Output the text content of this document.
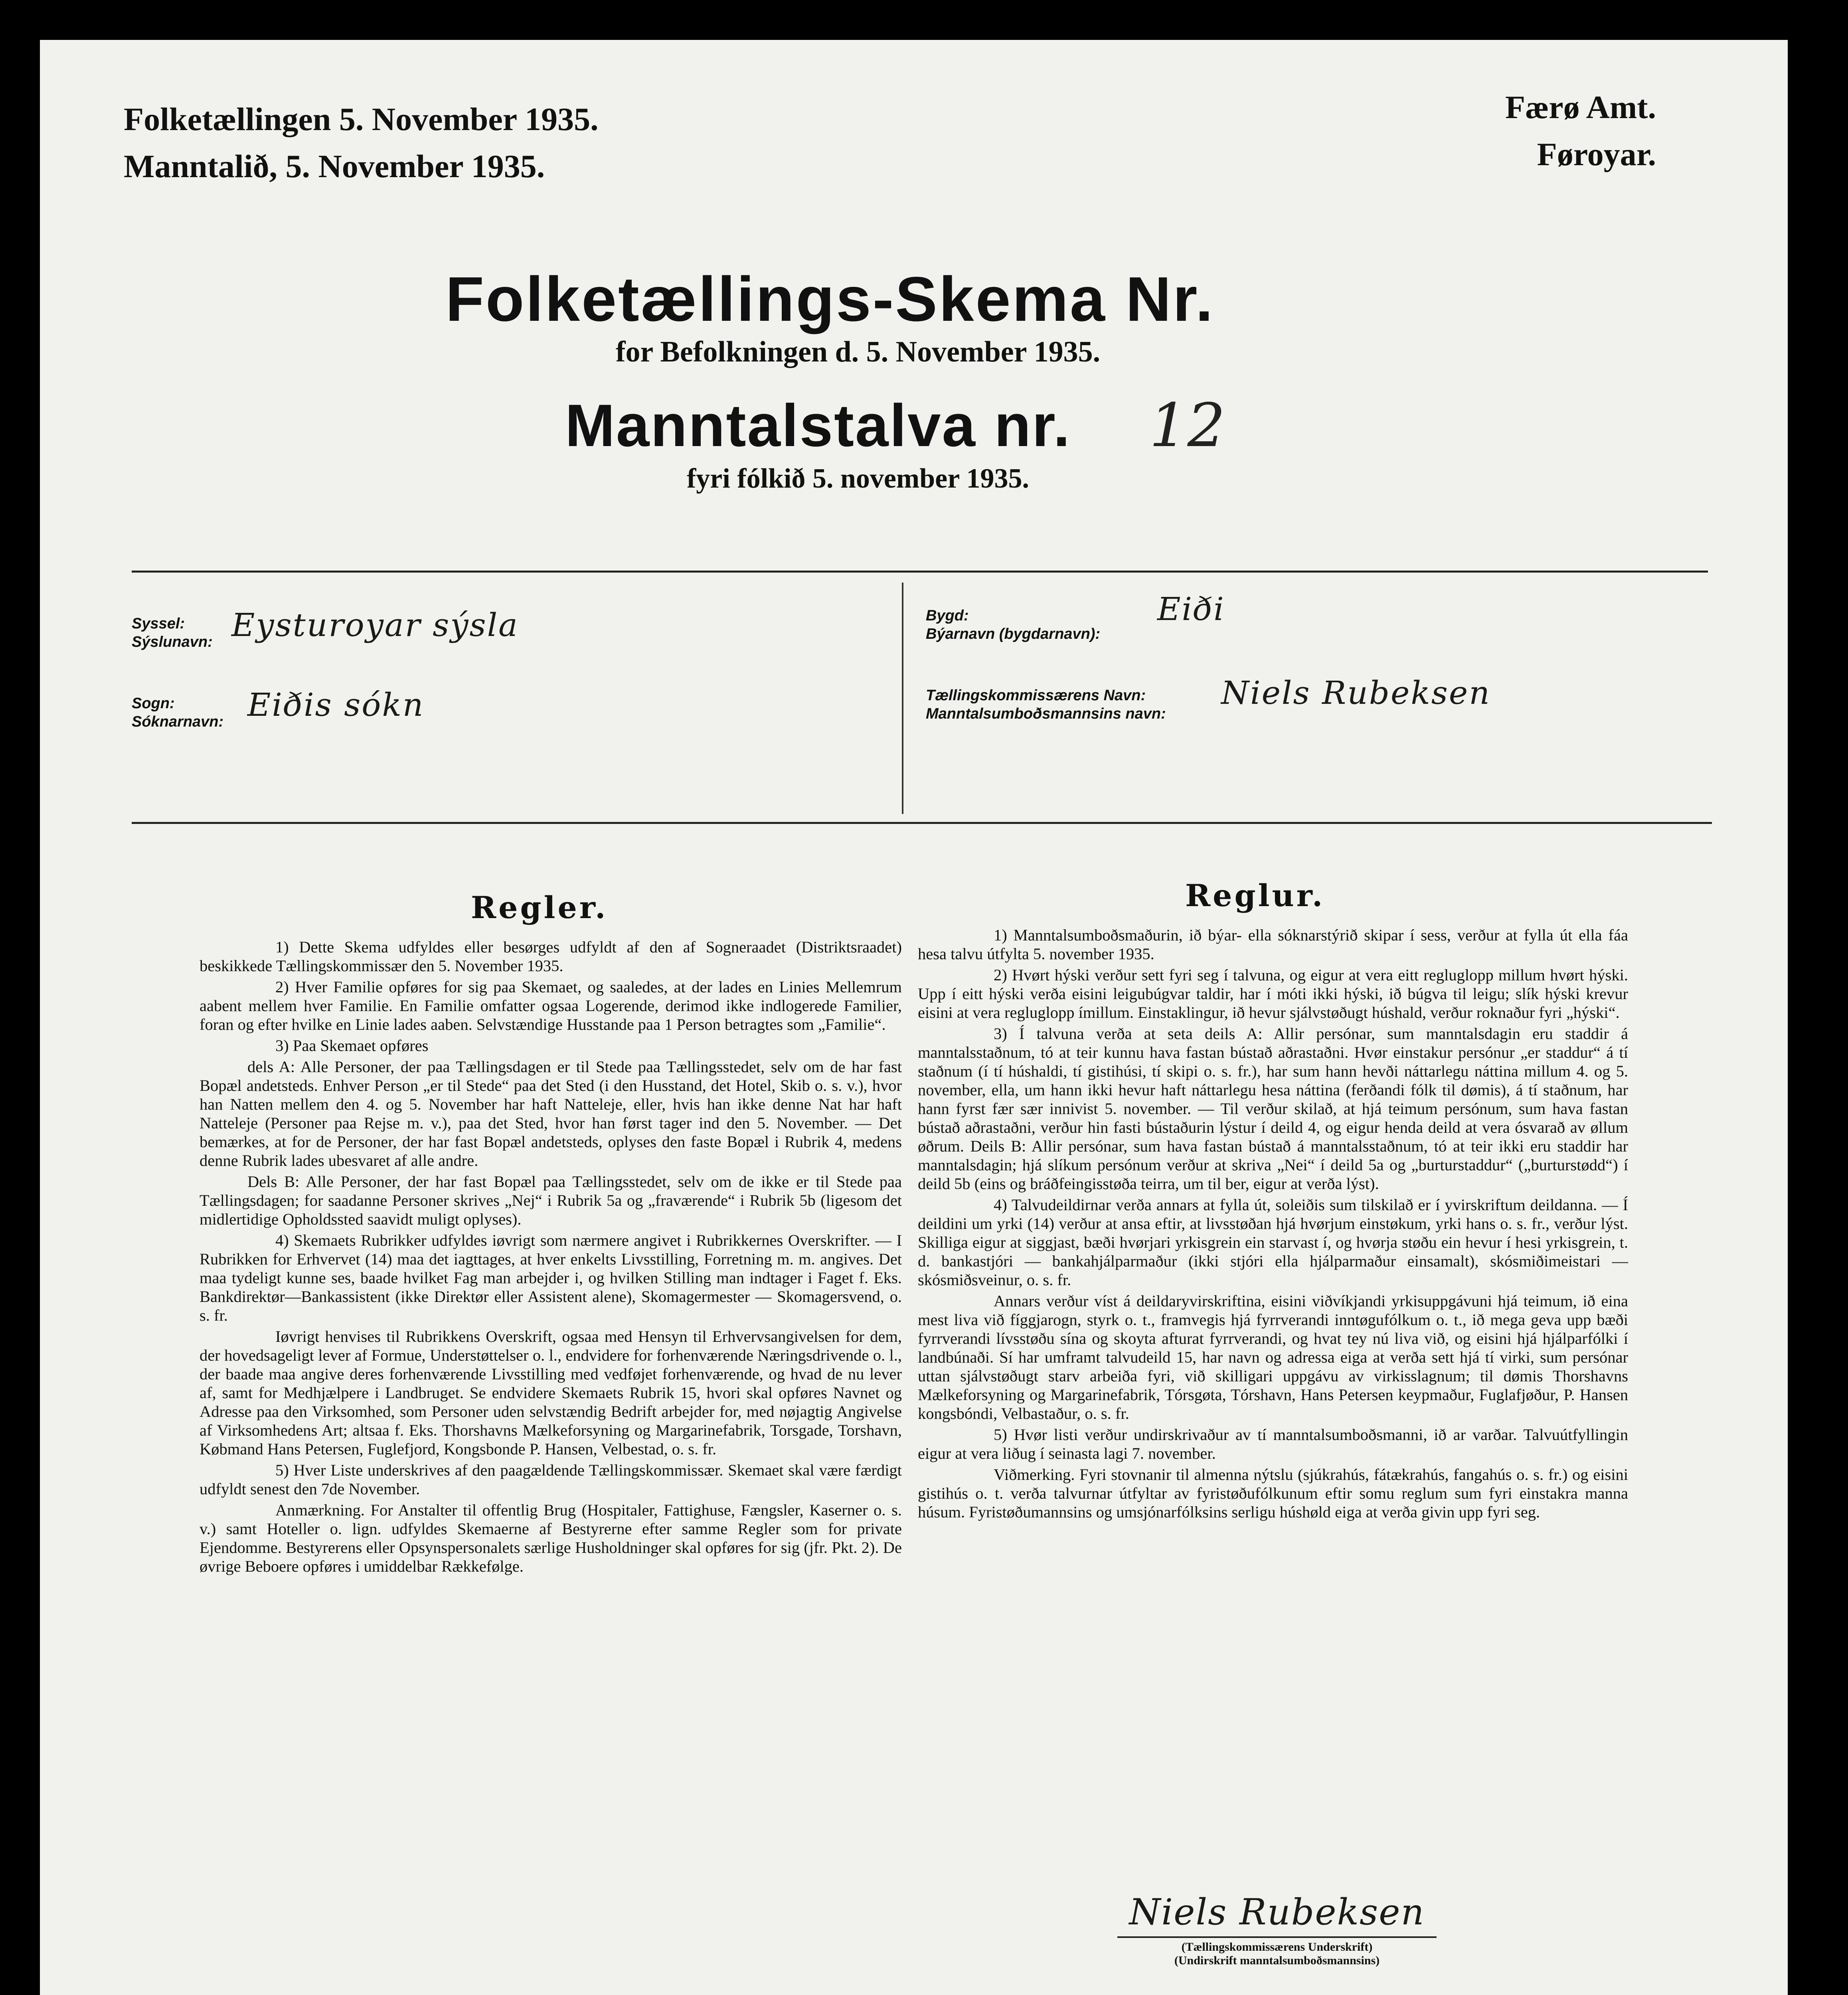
Folketællingen 5. November 1935.
Manntalið, 5. November 1935.
Færø Amt.
Føroyar.
Folketællings-Skema Nr.
for Befolkningen d. 5. November 1935.
Manntalstalva nr.	12
fyri fólkið 5. november 1935.
Syssel:
Sýslunavn: Eysturoyar sýsla
Sogn:
Sóknarnavn: Eiðis sókn
Bygd:
Býarnavn (bygdarnavn):
Eiði
Tællingskommissærens Navn:
Manntalsumboðsmannsins navn:
Niels Rubeksen
Regler.	Reglur.

1) Dette Skema udfyldes eller besørges udfyldt af den af Sogneraadet (Distriktsraadet) beskikkede Tællingskommissær den 5. November 1935.

2) Hver Familie opføres for sig paa Skemaet, og saaledes, at der lades en Linies Mellemrum aabent mellem hver Familie. En Familie omfatter ogsaa Logerende, derimod ikke indlogerede Familier, foran og efter hvilke en Linie lades aaben. Selvstændige Husstande paa 1 Person betragtes som „Familie“.

3) Paa Skemaet opføres

dels A: Alle Personer, der paa Tællingsdagen er til Stede paa Tællingsstedet, selv om de har fast Bopæl andetsteds. Enhver Person „er til Stede“ paa det Sted (i den Husstand, det Hotel, Skib o. s. v.), hvor han Natten mellem den 4. og 5. November har haft Natteleje, eller, hvis han ikke denne Nat har haft Natteleje (Personer paa Rejse m. v.), paa det Sted, hvor han først tager ind den 5. November. — Det bemærkes, at for de Personer, der har fast Bopæl andetsteds, oplyses den faste Bopæl i Rubrik 4, medens denne Rubrik lades ubesvaret af alle andre.

Dels B: Alle Personer, der har fast Bopæl paa Tællingsstedet, selv om de ikke er til Stede paa Tællingsdagen; for saadanne Personer skrives „Nej“ i Rubrik 5a og „fraværende“ i Rubrik 5b (ligesom det midlertidige Opholdssted saavidt muligt oplyses).

4) Skemaets Rubrikker udfyldes iøvrigt som nærmere angivet i Rubrikkernes Overskrifter. — I Rubrikken for Erhvervet (14) maa det iagttages, at hver enkelts Livsstilling, Forretning m. m. angives. Det maa tydeligt kunne ses, baade hvilket Fag man arbejder i, og hvilken Stilling man indtager i Faget f. Eks. Bankdirektør—Bankassistent (ikke Direktør eller Assistent alene), Skomagermester — Skomagersvend, o. s. fr.

Iøvrigt henvises til Rubrikkens Overskrift, ogsaa med Hensyn til Erhvervsangivelsen for dem, der hovedsageligt lever af Formue, Understøttelser o. l., endvidere for forhenværende Næringsdrivende o. l., der baade maa angive deres forhenværende Livsstilling med vedføjet forhenværende, og hvad de nu lever af, samt for Medhjælpere i Landbruget. Se endvidere Skemaets Rubrik 15, hvori skal opføres Navnet og Adresse paa den Virksomhed, som Personer uden selvstændig Bedrift arbejder for, med nøjagtig Angivelse af Virksomhedens Art; altsaa f. Eks. Thorshavns Mælkeforsyning og Margarinefabrik, Torsgade, Torshavn, Købmand Hans Petersen, Fuglefjord, Kongsbonde P. Hansen, Velbestad, o. s. fr.

5) Hver Liste underskrives af den paagældende Tællingskommissær. Skemaet skal være færdigt udfyldt senest den 7de November.

Anmærkning. For Anstalter til offentlig Brug (Hospitaler, Fattighuse, Fængsler, Kaserner o. s. v.) samt Hoteller o. lign. udfyldes Skemaerne af Bestyrerne efter samme Regler som for private Ejendomme. Bestyrerens eller Opsynspersonalets særlige Husholdninger skal opføres for sig (jfr. Pkt. 2). De øvrige Beboere opføres i umiddelbar Rækkefølge.

1) Manntalsumboðsmaðurin, ið býar- ella sóknarstýrið skipar í sess, verður at fylla út ella fáa hesa talvu útfylta 5. november 1935.

2) Hvørt hýski verður sett fyri seg í talvuna, og eigur at vera eitt regluglopp millum hvørt hýski. Upp í eitt hýski verða eisini leigubúgvar taldir, har í móti ikki hýski, ið búgva til leigu; slík hýski krevur eisini at vera regluglopp ímillum. Einstaklingur, ið hevur sjálvstøðugt húshald, verður roknaður fyri „hýski“.

3) Í talvuna verða at seta deils A: Allir persónar, sum manntalsdagin eru staddir á manntalsstaðnum, tó at teir kunnu hava fastan bústað aðrastaðni. Hvør einstakur persónur „er staddur“ á tí staðnum (í tí húshaldi, tí gistihúsi, tí skipi o. s. fr.), har sum hann hevði náttarlegu náttina millum 4. og 5. november, ella, um hann ikki hevur haft náttarlegu hesa náttina (ferðandi fólk til dømis), á tí staðnum, har hann fyrst fær sær innivist 5. november. — Til verður skilað, at hjá teimum persónum, sum hava fastan bústað aðrastaðni, verður hin fasti bústaðurin lýstur í deild 4, og eigur henda deild at vera ósvarað av øllum øðrum. Deils B: Allir persónar, sum hava fastan bústað á manntalsstaðnum, tó at teir ikki eru staddir har manntalsdagin; hjá slíkum persónum verður at skriva „Nei“ í deild 5a og „burturstaddur“ („burturstødd“) í deild 5b (eins og bráðfeingisstøða teirra, um til ber, eigur at verða lýst).

4) Talvudeildirnar verða annars at fylla út, soleiðis sum tilskilað er í yvirskriftum deildanna. — Í deildini um yrki (14) verður at ansa eftir, at livsstøðan hjá hvørjum einstøkum, yrki hans o. s. fr., verður lýst. Skilliga eigur at siggjast, bæði hvørjari yrkisgrein ein starvast í, og hvørja støðu ein hevur í hesi yrkisgrein, t. d. bankastjóri — bankahjálparmaður (ikki stjóri ella hjálparmaður einsamalt), skósmiðimeistari — skósmiðsveinur, o. s. fr.

Annars verður víst á deildaryvirskriftina, eisini viðvíkjandi yrkisuppgávuni hjá teimum, ið eina mest liva við fíggjarogn, styrk o. t., framvegis hjá fyrrverandi inntøgufólkum o. t., ið mega geva upp bæði fyrrverandi lívsstøðu sína og skoyta afturat fyrrverandi, og hvat tey nú liva við, og eisini hjá hjálparfólki í landbúnaði. Sí har umframt talvudeild 15, har navn og adressa eiga at verða sett hjá tí virki, sum persónar uttan sjálvstøðugt starv arbeiða fyri, við skilligari uppgávu av virkisslagnum; til dømis Thorshavns Mælkeforsyning og Margarinefabrik, Tórsgøta, Tórshavn, Hans Petersen keypmaður, Fuglafjøður, P. Hansen kongsbóndi, Velbastaður, o. s. fr.

5) Hvør listi verður undirskrivaður av tí manntalsumboðsmanni, ið ar varðar. Talvuútfyllingin eigur at vera liðug í seinasta lagi 7. november.

Viðmerking. Fyri stovnanir til almenna nýtslu (sjúkrahús, fátækrahús, fangahús o. s. fr.) og eisini gistihús o. t. verða talvurnar útfyltar av fyristøðufólkunum eftir somu reglum sum fyri einstakra manna húsum. Fyristøðumannsins og umsjónarfólksins serligu húshøld eiga at verða givin upp fyri seg.

Niels Rubeksen
(Tællingskommissærens Underskrift)
(Undirskrift manntalsumboðsmannsins)
